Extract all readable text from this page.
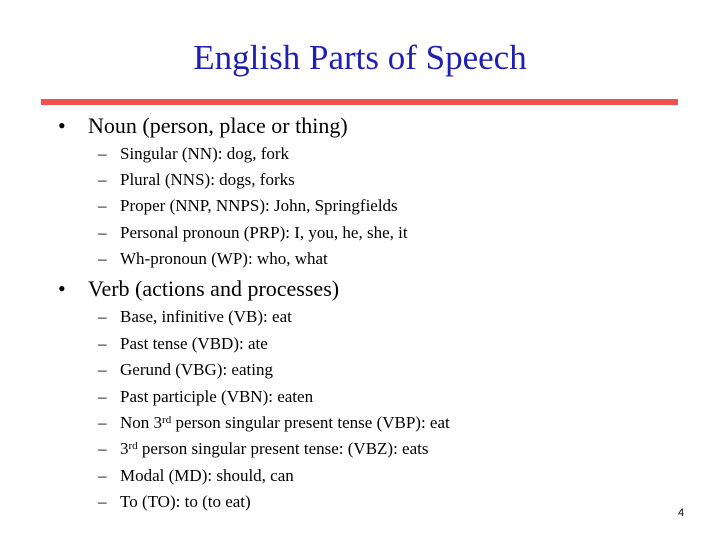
English Parts of Speech
• Noun (person, place or thing)
– Singular (NN): dog, fork
– Plural (NNS): dogs, forks
– Proper (NNP, NNPS): John, Springfields
– Personal pronoun (PRP): I, you, he, she, it
– Wh-pronoun (WP): who, what
• Verb (actions and processes)
– Base, infinitive (VB): eat
– Past tense (VBD): ate
– Gerund (VBG): eating
– Past participle (VBN): eaten
– Non 3rd person singular present tense (VBP): eat
– 3rd person singular present tense: (VBZ): eats
– Modal (MD): should, can
– To (TO): to (to eat)
4
